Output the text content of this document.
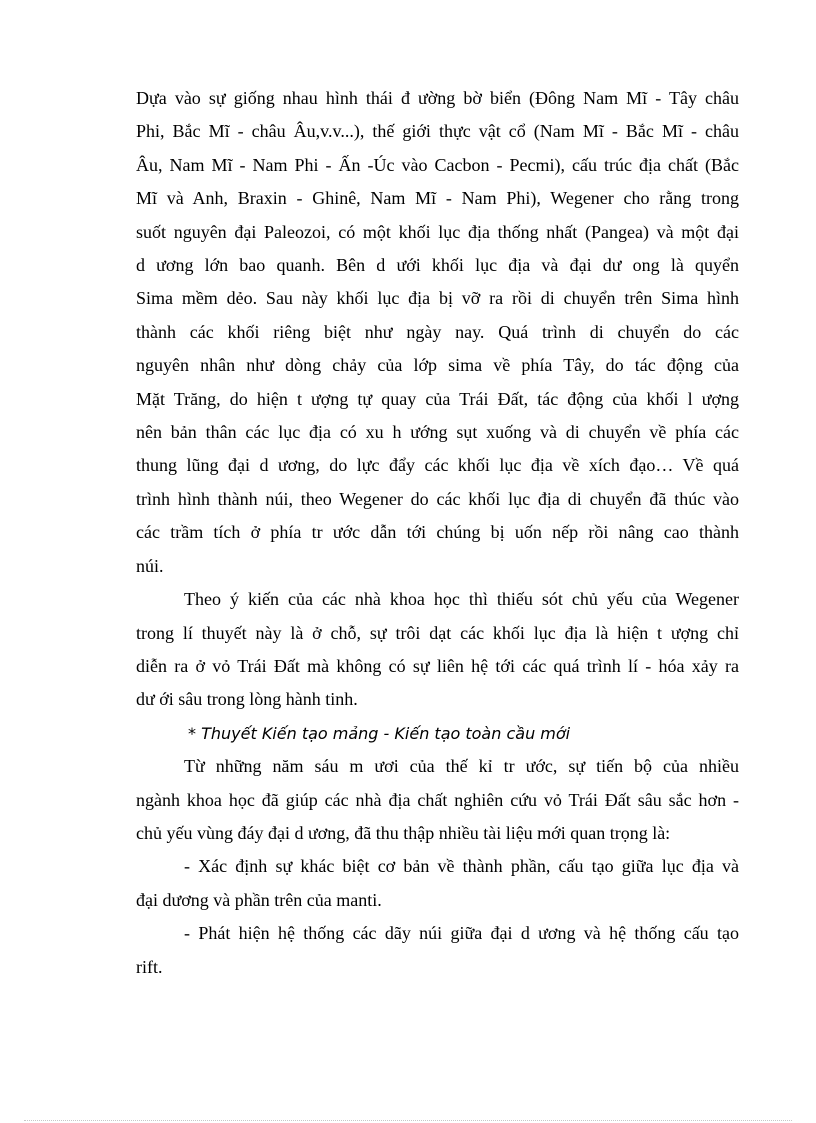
Dựa vào sự giống nhau hình thái đ ường bờ biển (Đông Nam Mĩ - Tây châu
Phi, Bắc Mĩ - châu Âu,v.v...), thế giới thực vật cổ (Nam Mĩ - Bắc Mĩ - châu
Âu, Nam Mĩ - Nam Phi - Ấn -Úc vào Cacbon - Pecmi), cấu trúc địa chất (Bắc
Mĩ và Anh, Braxin - Ghinê, Nam Mĩ - Nam Phi), Wegener cho rằng trong
suốt nguyên đại Paleozoi, có một khối lục địa thống nhất (Pangea) và một đại
d ương lớn bao quanh. Bên d ưới khối lục địa và đại dư ong là quyển
Sima mềm dẻo. Sau này khối lục địa bị vỡ ra rồi di chuyển trên Sima hình
thành các khối riêng biệt như ngày nay. Quá trình di chuyển do các
nguyên nhân như dòng chảy của lớp sima về phía Tây, do tác động của
Mặt Trăng, do hiện t ượng tự quay của Trái Đất, tác động của khối l ượng
nên bản thân các lục địa có xu h ướng sụt xuống và di chuyển về phía các
thung lũng đại d ương, do lực đẩy các khối lục địa về xích đạo… Về quá
trình hình thành núi, theo Wegener do các khối lục địa di chuyển đã thúc vào
các trầm tích ở phía tr ước dẫn tới chúng bị uốn nếp rồi nâng cao thành
núi.
Theo ý kiến của các nhà khoa học thì thiếu sót chủ yếu của Wegener
trong lí thuyết này là ở chỗ, sự trôi dạt các khối lục địa là hiện t ượng chỉ
diễn ra ở vỏ Trái Đất mà không có sự liên hệ tới các quá trình lí - hóa xảy ra
dư ới sâu trong lòng hành tinh.
* Thuyết Kiến tạo mảng - Kiến tạo toàn cầu mới
Từ những năm sáu m ươi của thế kỉ tr ước, sự tiến bộ của nhiều
ngành khoa học đã giúp các nhà địa chất nghiên cứu vỏ Trái Đất sâu sắc hơn -
chủ yếu vùng đáy đại d ương, đã thu thập nhiều tài liệu mới quan trọng là:
- Xác định sự khác biệt cơ bản về thành phần, cấu tạo giữa lục địa và
đại dương và phần trên của manti.
- Phát hiện hệ thống các dãy núi giữa đại d ương và hệ thống cấu tạo
rift.
